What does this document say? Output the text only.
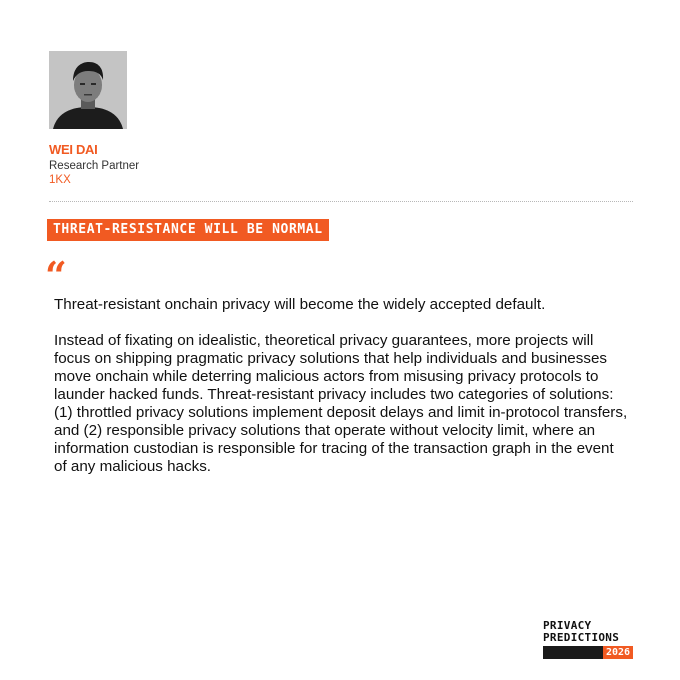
WEI DAI
Research Partner
1KX
THREAT-RESISTANCE WILL BE NORMAL
“

Threat-resistant onchain privacy will become the widely accepted default.

Instead of fixating on idealistic, theoretical privacy guarantees, more projects will focus on shipping pragmatic privacy solutions that help individuals and businesses move onchain while deterring malicious actors from misusing privacy protocols to launder hacked funds. Threat-resistant privacy includes two categories of solutions: (1) throttled privacy solutions implement deposit delays and limit in-protocol transfers, and (2) responsible privacy solutions that operate without velocity limit, where an information custodian is responsible for tracing of the transaction graph in the event of any malicious hacks.

PRIVACY
PREDICTIONS
2026
